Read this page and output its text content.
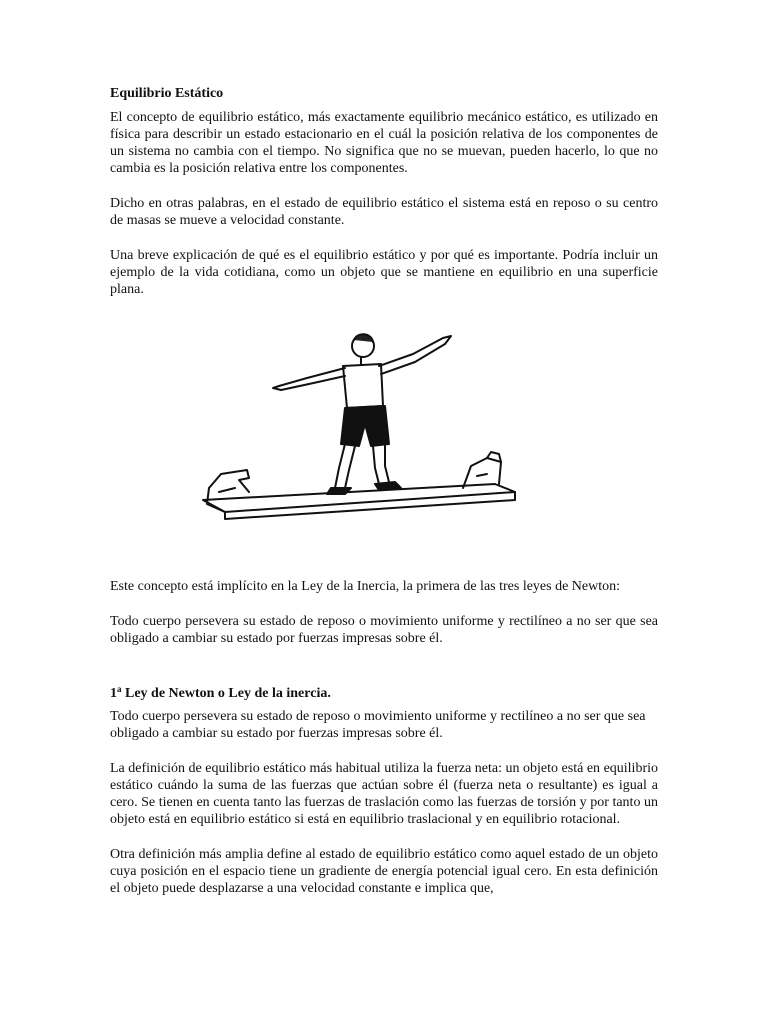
Equilibrio Estático

El concepto de equilibrio estático, más exactamente equilibrio mecánico estático, es utilizado en física para describir un estado estacionario en el cuál la posición relativa de los componentes de un sistema no cambia con el tiempo. No significa que no se muevan, pueden hacerlo, lo que no cambia es la posición relativa entre los componentes.

Dicho en otras palabras, en el estado de equilibrio estático el sistema está en reposo o su centro de masas se mueve a velocidad constante.

Una breve explicación de qué es el equilibrio estático y por qué es importante. Podría incluir un ejemplo de la vida cotidiana, como un objeto que se mantiene en equilibrio en una superficie plana.

Este concepto está implícito en la Ley de la Inercia, la primera de las tres leyes de Newton:

Todo cuerpo persevera su estado de reposo o movimiento uniforme y rectilíneo a no ser que sea obligado a cambiar su estado por fuerzas impresas sobre él.

1$^a$ Ley de Newton o Ley de la inercia.

Todo cuerpo persevera su estado de reposo o movimiento uniforme y rectilíneo a no ser que sea obligado a cambiar su estado por fuerzas impresas sobre él.

La definición de equilibrio estático más habitual utiliza la fuerza neta: un objeto está en equilibrio estático cuándo la suma de las fuerzas que actúan sobre él (fuerza neta o resultante) es igual a cero. Se tienen en cuenta tanto las fuerzas de traslación como las fuerzas de torsión y por tanto un objeto está en equilibrio estático si está en equilibrio traslacional y en equilibrio rotacional.

Otra definición más amplia define al estado de equilibrio estático como aquel estado de un objeto cuya posición en el espacio tiene un gradiente de energía potencial igual cero. En esta definición el objeto puede desplazarse a una velocidad constante e implica que,
